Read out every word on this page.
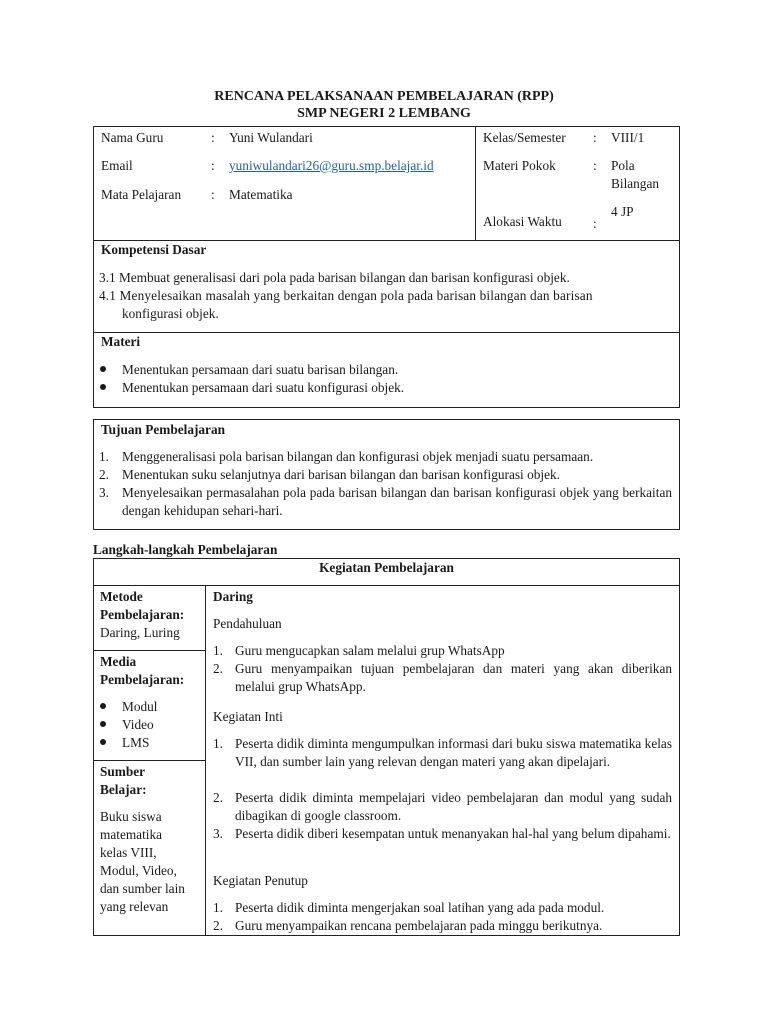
RENCANA PELAKSANAAN PEMBELAJARAN (RPP)
SMP NEGERI 2 LEMBANG
Nama Guru	: Yuni Wulandari
Email	: yuniwulandari26@guru.smp.belajar.id
Mata Pelajaran : Matematika
Kelas/Semester : VIII/1
Materi Pokok	: Pola
Bilangan
Alokasi Waktu :
4 JP
Kompetensi Dasar
3.1 Membuat generalisasi dari pola pada barisan bilangan dan barisan konfigurasi objek.
4.1 Menyelesaikan masalah yang berkaitan dengan pola pada barisan bilangan dan barisan
konfigurasi objek.
Materi
Menentukan persamaan dari suatu barisan bilangan.
Menentukan persamaan dari suatu konfigurasi objek.
Tujuan Pembelajaran
1. Menggeneralisasi pola barisan bilangan dan konfigurasi objek menjadi suatu persamaan.
2. Menentukan suku selanjutnya dari barisan bilangan dan barisan konfigurasi objek.
3. Menyelesaikan permasalahan pola pada barisan bilangan dan barisan konfigurasi objek yang berkaitan dengan kehidupan sehari-hari.
Langkah-langkah Pembelajaran
Kegiatan Pembelajaran
Metode Pembelajaran:
Daring, Luring
Media Pembelajaran:
Modul
Video
LMS
Sumber Belajar:
Buku siswa matematika kelas VIII, Modul, Video, dan sumber lain yang relevan
Daring
Pendahuluan
1. Guru mengucapkan salam melalui grup WhatsApp
2. Guru menyampaikan tujuan pembelajaran dan materi yang akan diberikan melalui grup WhatsApp.
Kegiatan Inti
1. Peserta didik diminta mengumpulkan informasi dari buku siswa matematika kelas VII, dan sumber lain yang relevan dengan materi yang akan dipelajari.
2. Peserta didik diminta mempelajari video pembelajaran dan modul yang sudah dibagikan di google classroom.
3. Peserta didik diberi kesempatan untuk menanyakan hal-hal yang belum dipahami.
Kegiatan Penutup
1. Peserta didik diminta mengerjakan soal latihan yang ada pada modul.
2. Guru menyampaikan rencana pembelajaran pada minggu berikutnya.
